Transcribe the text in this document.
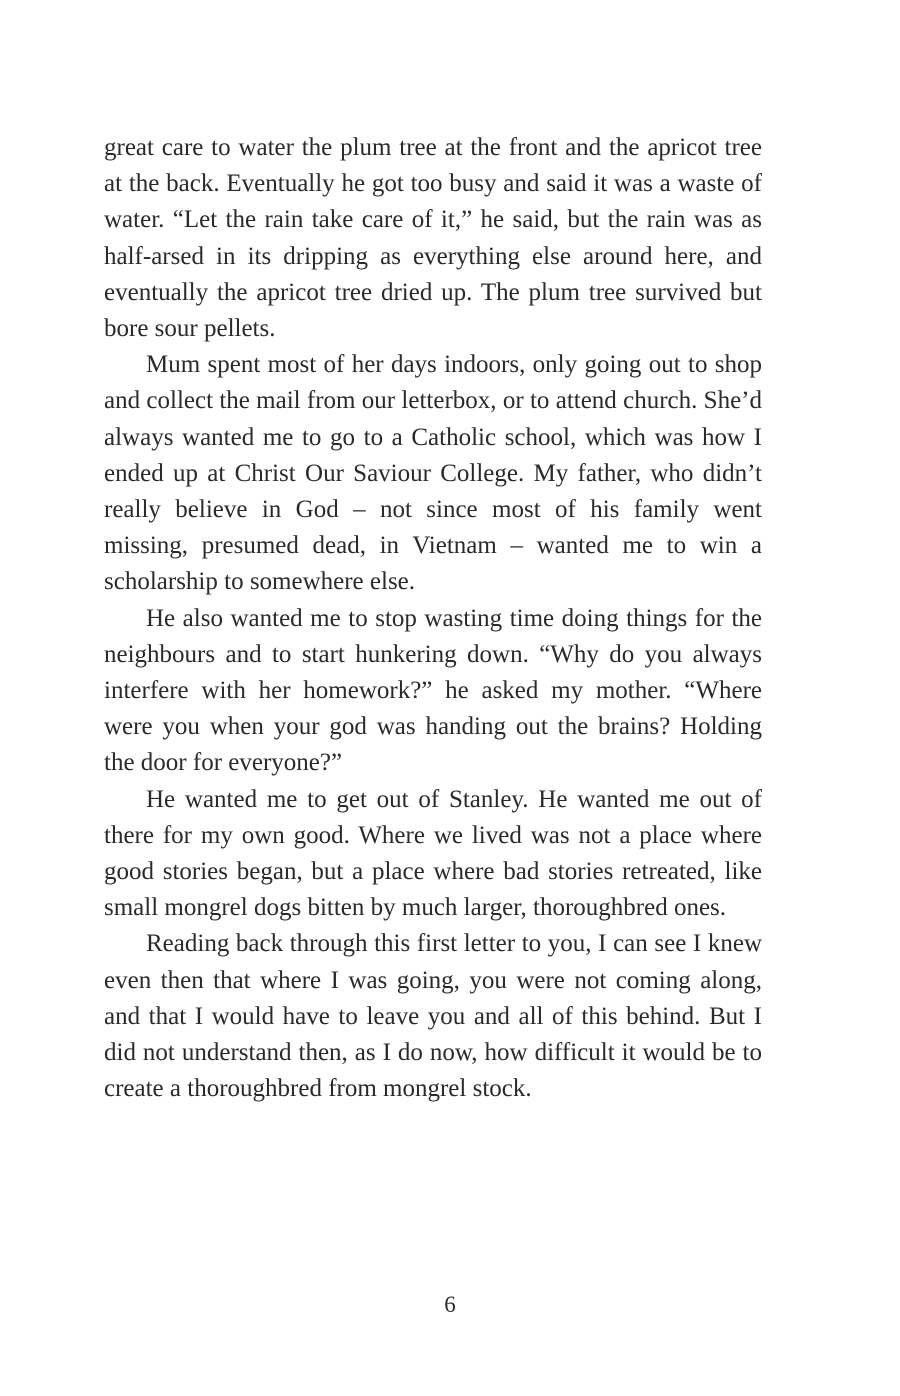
great care to water the plum tree at the front and the apricot tree at the back. Eventually he got too busy and said it was a waste of water. “Let the rain take care of it,” he said, but the rain was as half-arsed in its dripping as everything else around here, and eventually the apricot tree dried up. The plum tree survived but bore sour pellets.

Mum spent most of her days indoors, only going out to shop and collect the mail from our letterbox, or to attend church. She’d always wanted me to go to a Catholic school, which was how I ended up at Christ Our Saviour College. My father, who didn’t really believe in God – not since most of his family went missing, presumed dead, in Vietnam – wanted me to win a scholarship to somewhere else.

He also wanted me to stop wasting time doing things for the neighbours and to start hunkering down. “Why do you always interfere with her homework?” he asked my mother. “Where were you when your god was handing out the brains? Holding the door for everyone?”

He wanted me to get out of Stanley. He wanted me out of there for my own good. Where we lived was not a place where good stories began, but a place where bad stories retreated, like small mongrel dogs bitten by much larger, thoroughbred ones.

Reading back through this first letter to you, I can see I knew even then that where I was going, you were not coming along, and that I would have to leave you and all of this behind. But I did not understand then, as I do now, how difficult it would be to create a thoroughbred from mongrel stock.

6
